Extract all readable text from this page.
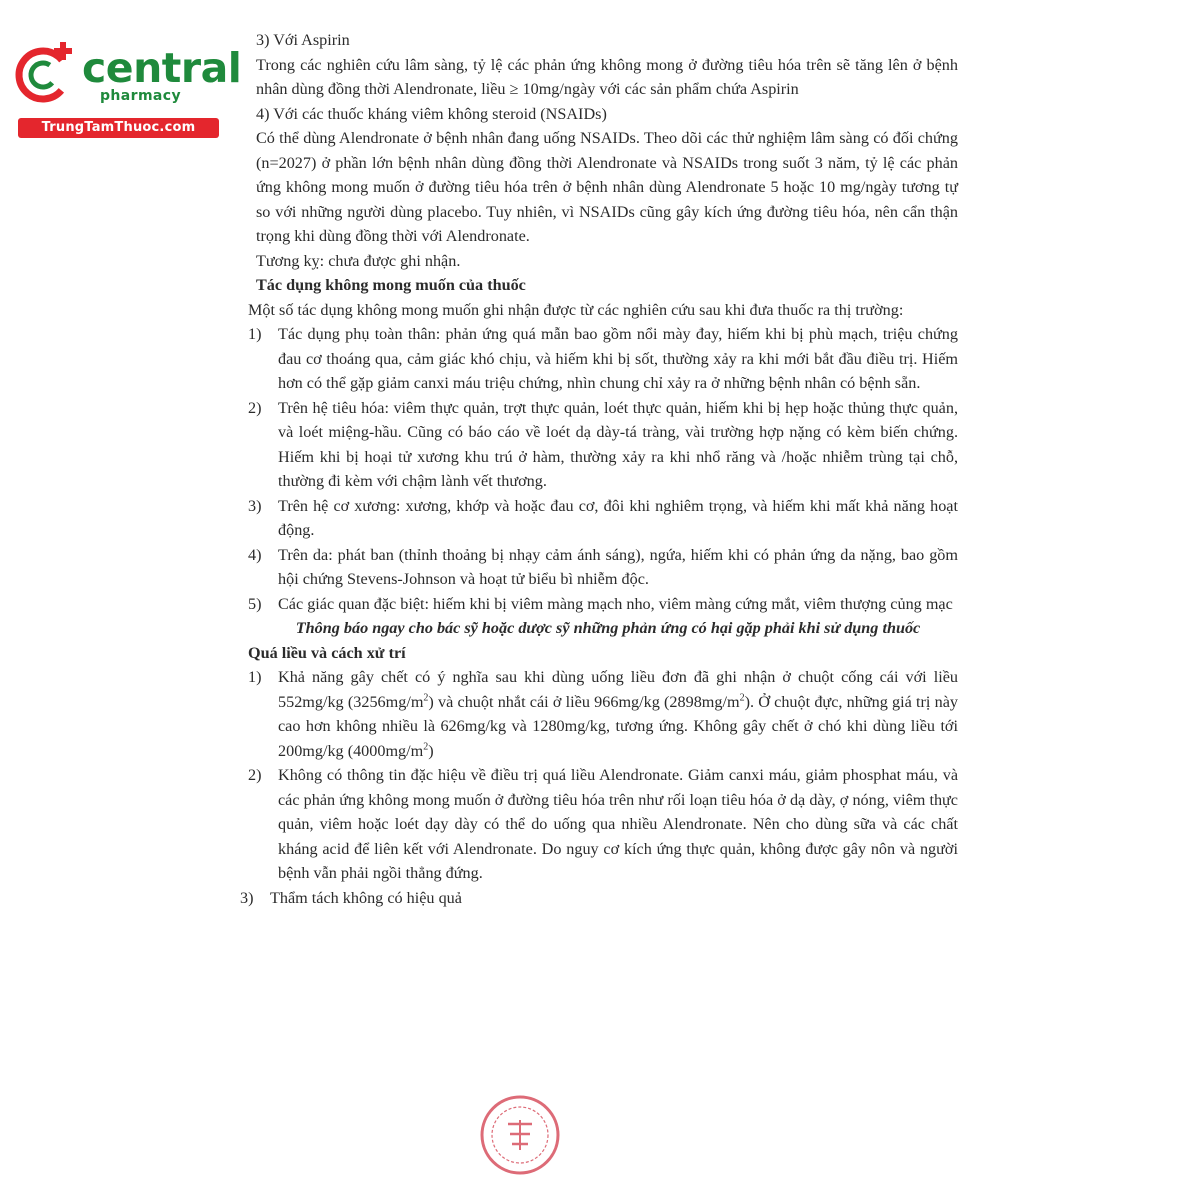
central
pharmacy
TrungTamThuoc.com

3) Với Aspirin

Trong các nghiên cứu lâm sàng, tỷ lệ các phản ứng không mong ở đường tiêu hóa trên sẽ tăng lên ở bệnh nhân dùng đồng thời Alendronate, liều ≥ 10mg/ngày với các sản phẩm chứa Aspirin

4) Với các thuốc kháng viêm không steroid (NSAIDs)

Có thể dùng Alendronate ở bệnh nhân đang uống NSAIDs. Theo dõi các thử nghiệm lâm sàng có đối chứng (n=2027) ở phần lớn bệnh nhân dùng đồng thời Alendronate và NSAIDs trong suốt 3 năm, tỷ lệ các phản ứng không mong muốn ở đường tiêu hóa trên ở bệnh nhân dùng Alendronate 5 hoặc 10 mg/ngày tương tự so với những người dùng placebo. Tuy nhiên, vì NSAIDs cũng gây kích ứng đường tiêu hóa, nên cẩn thận trọng khi dùng đồng thời với Alendronate.

Tương kỵ: chưa được ghi nhận.

Tác dụng không mong muốn của thuốc

Một số tác dụng không mong muốn ghi nhận được từ các nghiên cứu sau khi đưa thuốc ra thị trường:

1) Tác dụng phụ toàn thân: phản ứng quá mẫn bao gồm nổi mày đay, hiếm khi bị phù mạch, triệu chứng đau cơ thoáng qua, cảm giác khó chịu, và hiếm khi bị sốt, thường xảy ra khi mới bắt đầu điều trị. Hiếm hơn có thể gặp giảm canxi máu triệu chứng, nhìn chung chỉ xảy ra ở những bệnh nhân có bệnh sẵn.

2) Trên hệ tiêu hóa: viêm thực quản, trợt thực quản, loét thực quản, hiếm khi bị hẹp hoặc thủng thực quản, và loét miệng-hầu. Cũng có báo cáo về loét dạ dày-tá tràng, vài trường hợp nặng có kèm biến chứng. Hiếm khi bị hoại tử xương khu trú ở hàm, thường xảy ra khi nhổ răng và /hoặc nhiễm trùng tại chỗ, thường đi kèm với chậm lành vết thương.

3) Trên hệ cơ xương: xương, khớp và hoặc đau cơ, đôi khi nghiêm trọng, và hiếm khi mất khả năng hoạt động.

4) Trên da: phát ban (thỉnh thoảng bị nhạy cảm ánh sáng), ngứa, hiếm khi có phản ứng da nặng, bao gồm hội chứng Stevens-Johnson và hoạt tử biểu bì nhiễm độc.

5) Các giác quan đặc biệt: hiếm khi bị viêm màng mạch nho, viêm màng cứng mắt, viêm thượng củng mạc

Thông báo ngay cho bác sỹ hoặc dược sỹ những phản ứng có hại gặp phải khi sử dụng thuốc

Quá liều và cách xử trí

1) Khả năng gây chết có ý nghĩa sau khi dùng uống liều đơn đã ghi nhận ở chuột cống cái với liều 552mg/kg $(3256mg/m^2)$ và chuột nhắt cái ở liều 966mg/kg $(2898mg/m^2)$. Ở chuột đực, những giá trị này cao hơn không nhiều là 626mg/kg và 1280mg/kg, tương ứng. Không gây chết ở chó khi dùng liều tới 200mg/kg $(4000mg/m^2)$

2) Không có thông tin đặc hiệu về điều trị quá liều Alendronate. Giảm canxi máu, giảm phosphat máu, và các phản ứng không mong muốn ở đường tiêu hóa trên như rối loạn tiêu hóa ở dạ dày, ợ nóng, viêm thực quản, viêm hoặc loét dạy dày có thể do uống qua nhiều Alendronate. Nên cho dùng sữa và các chất kháng acid để liên kết với Alendronate. Do nguy cơ kích ứng thực quản, không được gây nôn và người bệnh vẫn phải ngồi thẳng đứng.

3) Thẩm tách không có hiệu quả
